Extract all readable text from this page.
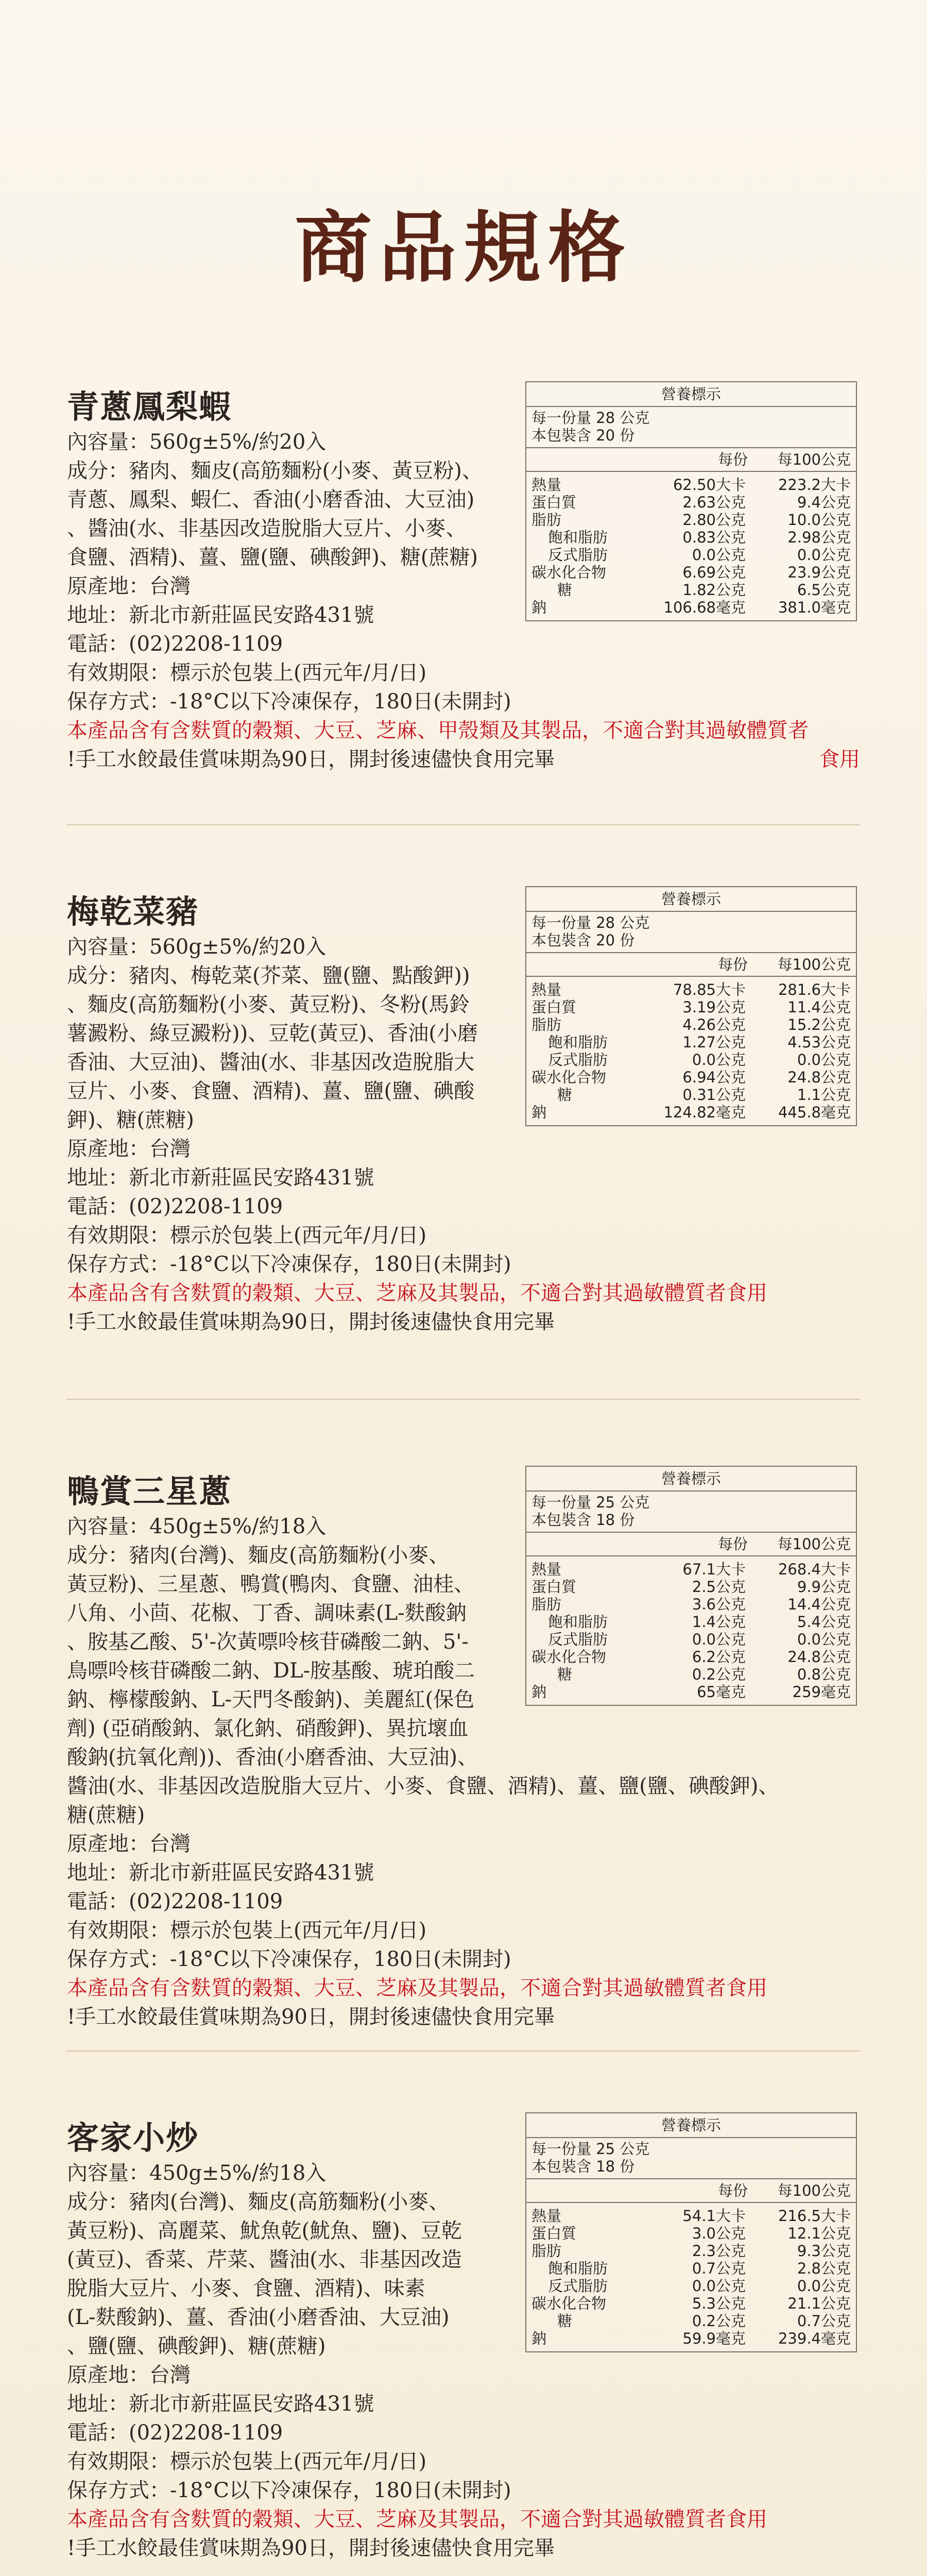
商品規格
青蔥鳳梨蝦
內容量：560g±5%/約20入
成分：豬肉、麵皮(高筋麵粉(小麥、黃豆粉)、
青蔥、鳳梨、蝦仁、香油(小磨香油、大豆油)
、醬油(水、非基因改造脫脂大豆片、小麥、
食鹽、酒精)、薑、鹽(鹽、碘酸鉀)、糖(蔗糖)
原產地：台灣
地址：新北市新莊區民安路431號
電話：(02)2208-1109
有效期限：標示於包裝上(西元年/月/日)
保存方式：-18°C以下冷凍保存，180日(未開封)
本產品含有含麩質的穀類、大豆、芝麻、甲殼類及其製品，不適合對其過敏體質者
!手工水餃最佳賞味期為90日，開封後速儘快食用完畢	食用
營養標示
每一份量 28 公克
本包裝含 20 份
每份	每100公克
熱量	62.50大卡	223.2大卡
蛋白質	2.63公克	9.4公克
脂肪	2.80公克	10.0公克
飽和脂肪	0.83公克	2.98公克
反式脂肪	0.0公克	0.0公克
碳水化合物	6.69公克	23.9公克
糖	1.82公克	6.5公克
鈉	106.68毫克	381.0毫克
梅乾菜豬
內容量：560g±5%/約20入
成分：豬肉、梅乾菜(芥菜、鹽(鹽、點酸鉀))
、麵皮(高筋麵粉(小麥、黃豆粉)、冬粉(馬鈴
薯澱粉、綠豆澱粉))、豆乾(黃豆)、香油(小磨
香油、大豆油)、醬油(水、非基因改造脫脂大
豆片、小麥、食鹽、酒精)、薑、鹽(鹽、碘酸
鉀)、糖(蔗糖)
原產地：台灣
地址：新北市新莊區民安路431號
電話：(02)2208-1109
有效期限：標示於包裝上(西元年/月/日)
保存方式：-18°C以下冷凍保存，180日(未開封)
本產品含有含麩質的穀類、大豆、芝麻及其製品，不適合對其過敏體質者食用
!手工水餃最佳賞味期為90日，開封後速儘快食用完畢
營養標示
每一份量 28 公克
本包裝含 20 份
每份	每100公克
熱量	78.85大卡	281.6大卡
蛋白質	3.19公克	11.4公克
脂肪	4.26公克	15.2公克
飽和脂肪	1.27公克	4.53公克
反式脂肪	0.0公克	0.0公克
碳水化合物	6.94公克	24.8公克
糖	0.31公克	1.1公克
鈉	124.82毫克	445.8毫克
鴨賞三星蔥
內容量：450g±5%/約18入
成分：豬肉(台灣)、麵皮(高筋麵粉(小麥、
黃豆粉)、三星蔥、鴨賞(鴨肉、食鹽、油桂、
八角、小茴、花椒、丁香、調味素(L-麩酸鈉
、胺基乙酸、5'-次黃嘌呤核苷磷酸二鈉、5'-
鳥嘌呤核苷磷酸二鈉、DL-胺基酸、琥珀酸二
鈉、檸檬酸鈉、L-天門冬酸鈉)、美麗紅(保色
劑) (亞硝酸鈉、氯化鈉、硝酸鉀)、異抗壞血
酸鈉(抗氧化劑))、香油(小磨香油、大豆油)、
醬油(水、非基因改造脫脂大豆片、小麥、食鹽、酒精)、薑、鹽(鹽、碘酸鉀)、
糖(蔗糖)
原產地：台灣
地址：新北市新莊區民安路431號
電話：(02)2208-1109
有效期限：標示於包裝上(西元年/月/日)
保存方式：-18°C以下冷凍保存，180日(未開封)
本產品含有含麩質的穀類、大豆、芝麻及其製品，不適合對其過敏體質者食用
!手工水餃最佳賞味期為90日，開封後速儘快食用完畢
營養標示
每一份量 25 公克
本包裝含 18 份
每份	每100公克
熱量	67.1大卡	268.4大卡
蛋白質	2.5公克	9.9公克
脂肪	3.6公克	14.4公克
飽和脂肪	1.4公克	5.4公克
反式脂肪	0.0公克	0.0公克
碳水化合物	6.2公克	24.8公克
糖	0.2公克	0.8公克
鈉	65毫克	259毫克
客家小炒
內容量：450g±5%/約18入
成分：豬肉(台灣)、麵皮(高筋麵粉(小麥、
黃豆粉)、高麗菜、魷魚乾(魷魚、鹽)、豆乾
(黃豆)、香菜、芹菜、醬油(水、非基因改造
脫脂大豆片、小麥、食鹽、酒精)、味素
(L-麩酸鈉)、薑、香油(小磨香油、大豆油)
、鹽(鹽、碘酸鉀)、糖(蔗糖)
原產地：台灣
地址：新北市新莊區民安路431號
電話：(02)2208-1109
有效期限：標示於包裝上(西元年/月/日)
保存方式：-18°C以下冷凍保存，180日(未開封)
本產品含有含麩質的穀類、大豆、芝麻及其製品，不適合對其過敏體質者食用
!手工水餃最佳賞味期為90日，開封後速儘快食用完畢
營養標示
每一份量 25 公克
本包裝含 18 份
每份	每100公克
熱量	54.1大卡	216.5大卡
蛋白質	3.0公克	12.1公克
脂肪	2.3公克	9.3公克
飽和脂肪	0.7公克	2.8公克
反式脂肪	0.0公克	0.0公克
碳水化合物	5.3公克	21.1公克
糖	0.2公克	0.7公克
鈉	59.9毫克	239.4毫克
